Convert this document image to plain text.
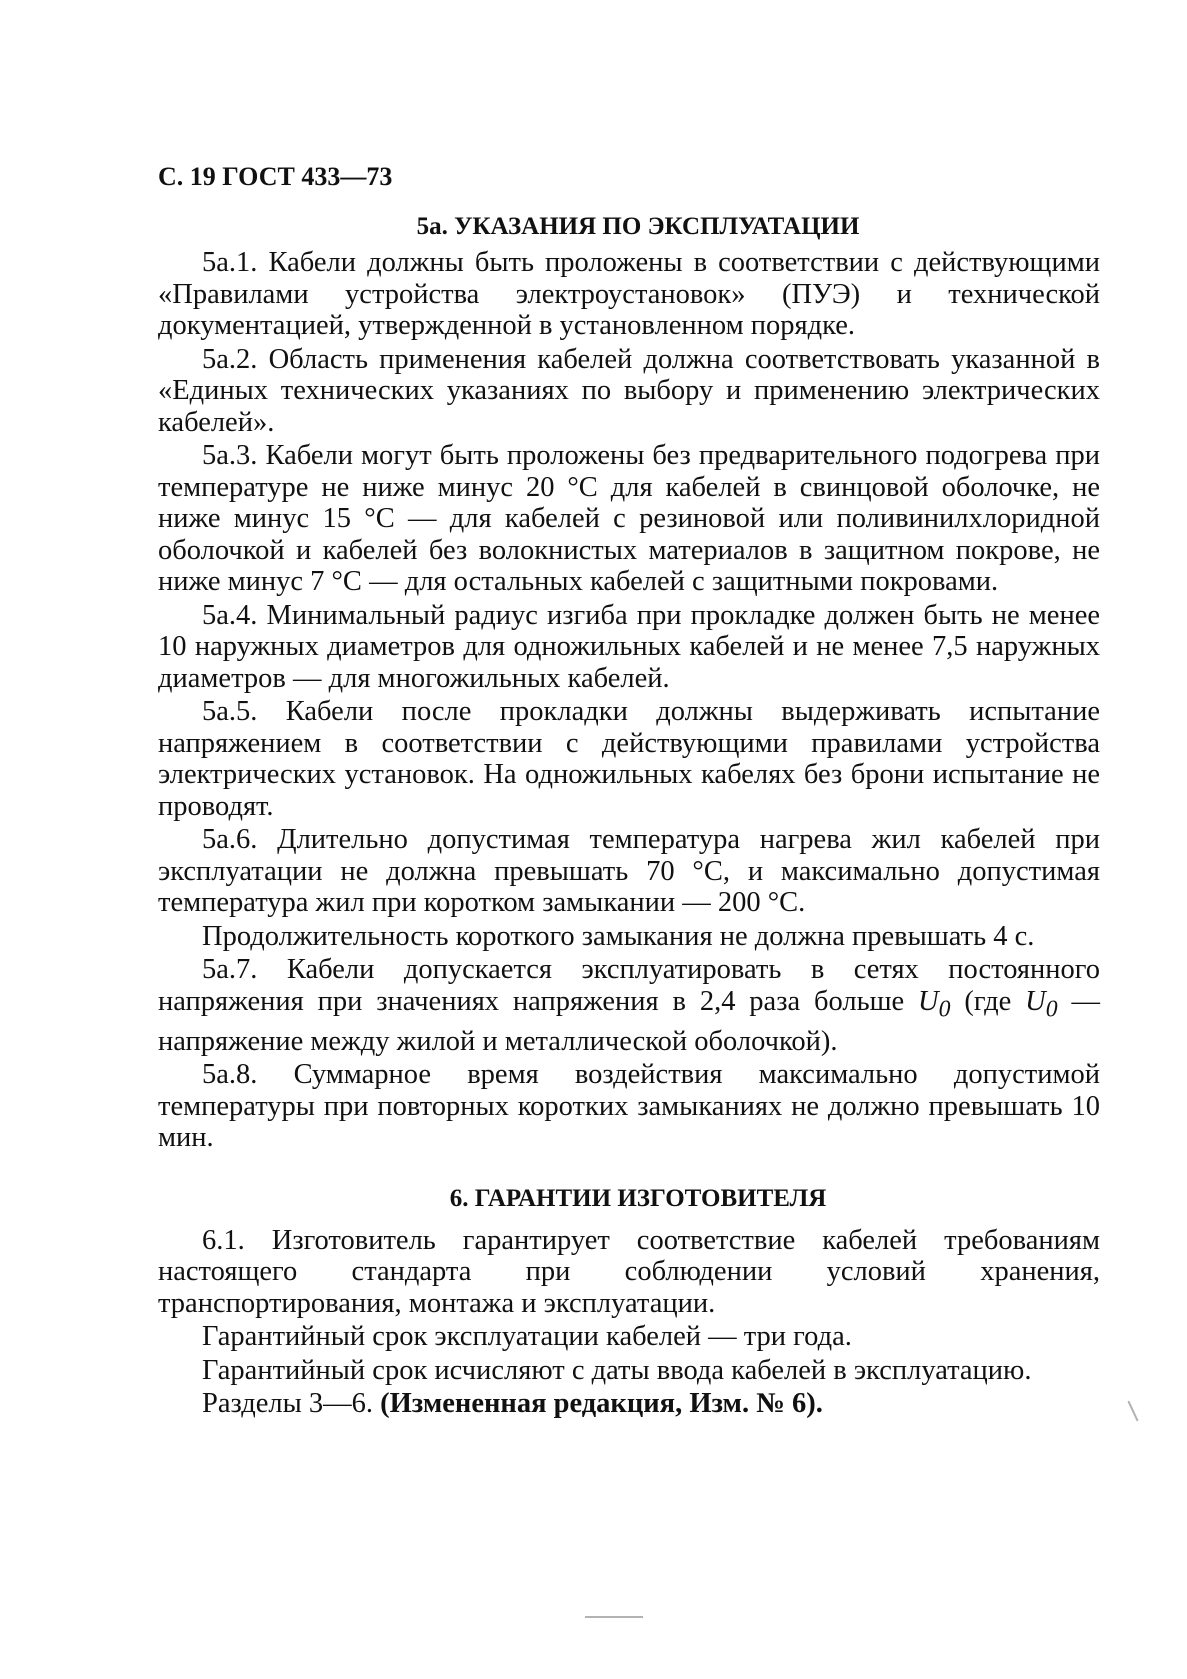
С. 19 ГОСТ 433—73
5а. УКАЗАНИЯ ПО ЭКСПЛУАТАЦИИ

5а.1. Кабели должны быть проложены в соответствии с действующими «Правилами устройства электроустановок» (ПУЭ) и технической документацией, утвержденной в установленном порядке.

5а.2. Область применения кабелей должна соответствовать указанной в «Единых технических указаниях по выбору и применению электрических кабелей».

5а.3. Кабели могут быть проложены без предварительного подогрева при температуре не ниже минус 20 °С для кабелей в свинцовой оболочке, не ниже минус 15 °С — для кабелей с резиновой или поливинилхлоридной оболочкой и кабелей без волокнистых материалов в защитном покрове, не ниже минус 7 °С — для остальных кабелей с защитными покровами.

5а.4. Минимальный радиус изгиба при прокладке должен быть не менее 10 наружных диаметров для одножильных кабелей и не менее 7,5 наружных диаметров — для многожильных кабелей.

5а.5. Кабели после прокладки должны выдерживать испытание напряжением в соответствии с действующими правилами устройства электрических установок. На одножильных кабелях без брони испытание не проводят.

5а.6. Длительно допустимая температура нагрева жил кабелей при эксплуатации не должна превышать 70 °С, и максимально допустимая температура жил при коротком замыкании — 200 °С.

Продолжительность короткого замыкания не должна превышать 4 с.

5а.7. Кабели допускается эксплуатировать в сетях постоянного напряжения при значениях напряжения в 2,4 раза больше $U_0$ (где $U_0$ — напряжение между жилой и металлической оболочкой).

5а.8. Суммарное время воздействия максимально допустимой температуры при повторных коротких замыканиях не должно превышать 10 мин.

6. ГАРАНТИИ ИЗГОТОВИТЕЛЯ

6.1. Изготовитель гарантирует соответствие кабелей требованиям настоящего стандарта при соблюдении условий хранения, транспортирования, монтажа и эксплуатации.

Гарантийный срок эксплуатации кабелей — три года.

Гарантийный срок исчисляют с даты ввода кабелей в эксплуатацию.

Разделы 3—6. (Измененная редакция, Изм. № 6).
